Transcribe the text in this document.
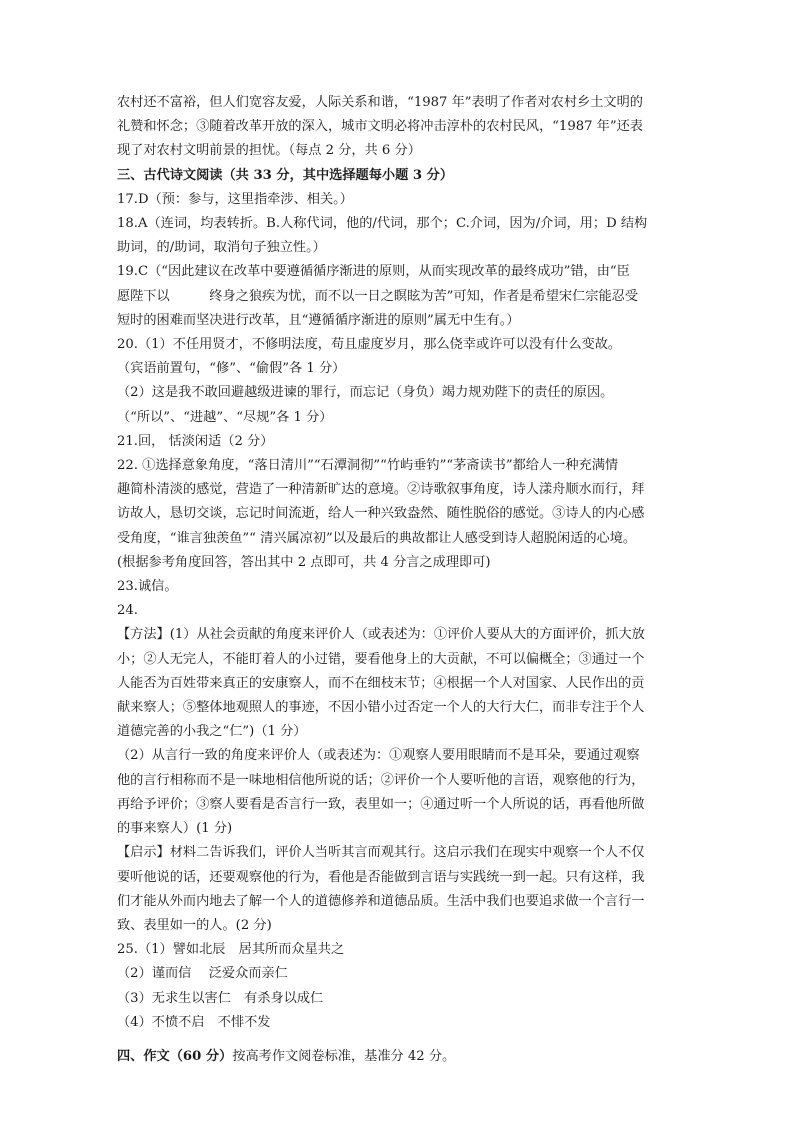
农村还不富裕，但人们宽容友爱，人际关系和谐，“1987 年”表明了作者对农村乡土文明的
礼赞和怀念；③随着改革开放的深入，城市文明必将冲击淳朴的农村民风，“1987 年”还表
现了对农村文明前景的担忧。（每点 2 分，共 6 分）
三、古代诗文阅读（共 33 分，其中选择题每小题 3 分）
17.D（预：参与，这里指牵涉、相关。）
18.A（连词，均表转折。B.人称代词，他的/代词，那个；C.介词，因为/介词，用；D 结构
助词，的/助词，取消句子独立性。）
19.C（“因此建议在改革中要遵循循序渐进的原则，从而实现改革的最终成功”错，由“臣
愿陛下以　　　终身之狼疾为忧，而不以一日之瞑眩为苦”可知，作者是希望宋仁宗能忍受
短时的困难而坚决进行改革，且“遵循循序渐进的原则”属无中生有。）
20.（1）不任用贤才，不修明法度，苟且虚度岁月，那么侥幸或许可以没有什么变故。
（宾语前置句，“修”、“偷假”各 1 分）
（2）这是我不敢回避越级进谏的罪行，而忘记（身负）竭力规劝陛下的责任的原因。
（“所以”、“进越”、“尽规”各 1 分）
21.回， 恬淡闲适（2 分）
22. ①选择意象角度，“落日清川”“石潭洞彻”“竹屿垂钓”“茅斋读书”都给人一种充满情
趣简朴清淡的感觉，营造了一种清新旷达的意境。②诗歌叙事角度，诗人漾舟顺水而行，拜
访故人，恳切交谈，忘记时间流逝，给人一种兴致盎然、随性脱俗的感觉。③诗人的内心感
受角度，“谁言独羡鱼”“ 清兴属凉初”以及最后的典故都让人感受到诗人超脱闲适的心境。
(根据参考角度回答，答出其中 2 点即可，共 4 分言之成理即可)
23.诚信。
24.
【方法】(1）从社会贡献的角度来评价人（或表述为：①评价人要从大的方面评价，抓大放
小；②人无完人，不能盯着人的小过错，要看他身上的大贡献，不可以偏概全；③通过一个
人能否为百姓带来真正的安康察人，而不在细枝末节；④根据一个人对国家、人民作出的贡
献来察人；⑤整体地观照人的事迹，不因小错小过否定一个人的大行大仁，而非专注于个人
道德完善的小我之“仁”)（1 分）
（2）从言行一致的角度来评价人（或表述为：①观察人要用眼睛而不是耳朵，要通过观察
他的言行相称而不是一味地相信他所说的话；②评价一个人要听他的言语，观察他的行为，
再给予评价；③察人要看是否言行一致，表里如一；④通过听一个人所说的话，再看他所做
的事来察人）(1 分)
【启示】材料二告诉我们，评价人当听其言而观其行。这启示我们在现实中观察一个人不仅
要听他说的话，还要观察他的行为，看他是否能做到言语与实践统一到一起。只有这样，我
们才能从外而内地去了解一个人的道德修养和道德品质。生活中我们也要追求做一个言行一
致、表里如一的人。(2 分)
25.（1）譬如北辰　居其所而众星共之
（2）谨而信　 泛爱众而亲仁
（3）无求生以害仁　有杀身以成仁
（4）不愤不启　不悱不发
四、作文（60 分）按高考作文阅卷标准，基准分 42 分。
